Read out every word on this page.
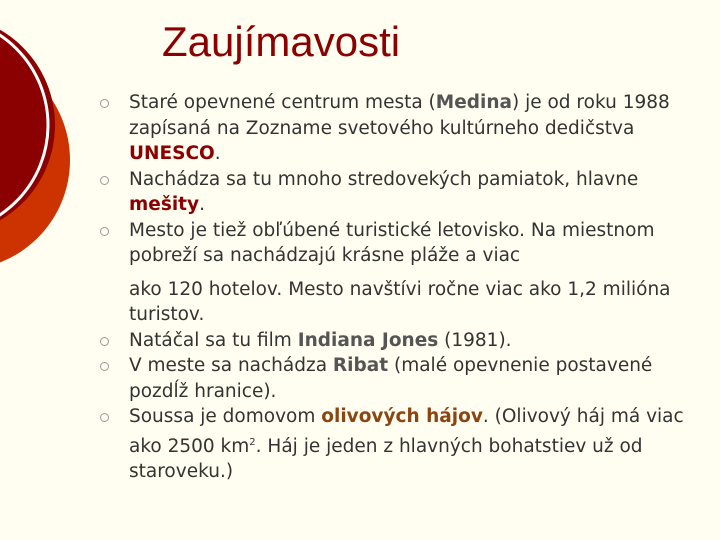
Zaujímavosti
Staré opevnené centrum mesta (Medina) je od roku 1988 zapísaná na Zozname svetového kultúrneho dedičstva UNESCO.
Nachádza sa tu mnoho stredovekých pamiatok, hlavne mešity.
Mesto je tiež obľúbené turistické letovisko. Na miestnom pobreží sa nachádzajú krásne pláže a viac
ako 120 hotelov. Mesto navštívi ročne viac ako 1,2 milióna turistov.
Natáčal sa tu film Indiana Jones (1981).
V meste sa nachádza Ribat (malé opevnenie postavené pozdĺž hranice).
Soussa je domovom olivových hájov. (Olivový háj má viac ako 2500 $km^2$. Háj je jeden z hlavných bohatstiev už od staroveku.)
